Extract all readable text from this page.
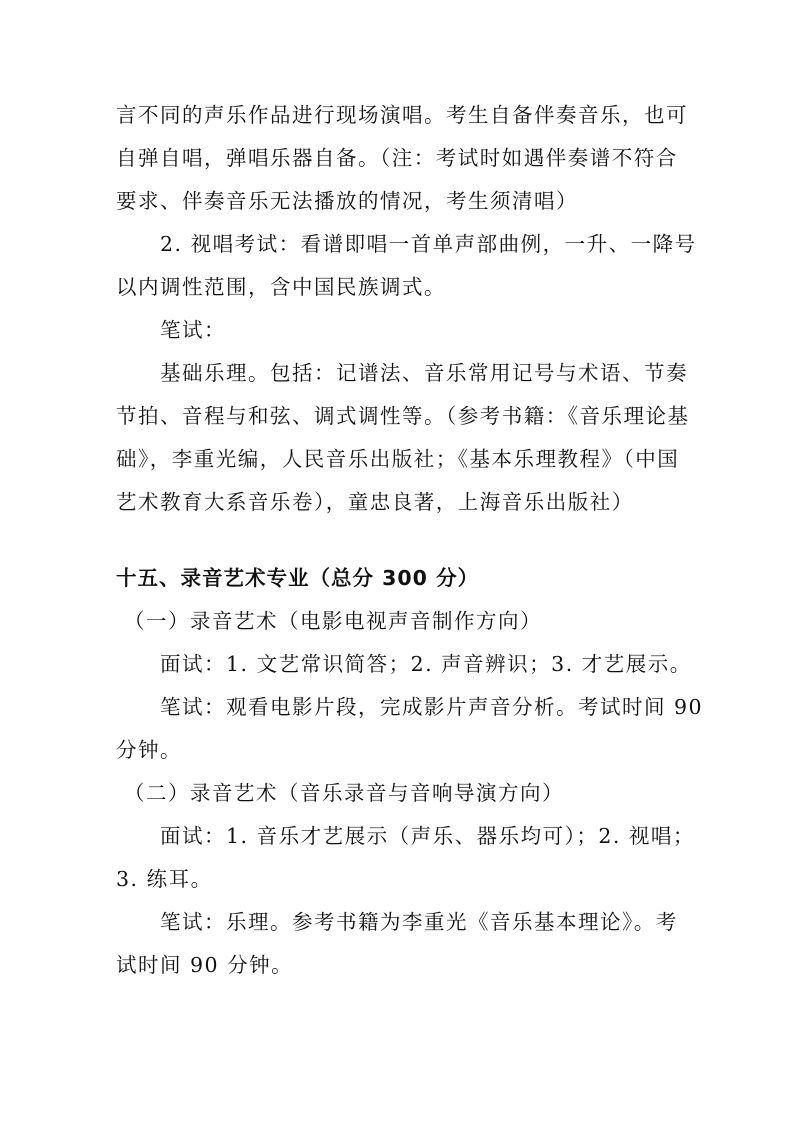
言不同的声乐作品进行现场演唱。考生自备伴奏音乐，也可
自弹自唱，弹唱乐器自备。（注：考试时如遇伴奏谱不符合
要求、伴奏音乐无法播放的情况，考生须清唱）
2. 视唱考试：看谱即唱一首单声部曲例，一升、一降号
以内调性范围，含中国民族调式。
笔试：
基础乐理。包括：记谱法、音乐常用记号与术语、节奏
节拍、音程与和弦、调式调性等。（参考书籍：《音乐理论基
础》，李重光编，人民音乐出版社；《基本乐理教程》（中国
艺术教育大系音乐卷），童忠良著，上海音乐出版社）
十五、录音艺术专业（总分 300 分）
（一）录音艺术（电影电视声音制作方向）
面试：1. 文艺常识简答；2. 声音辨识；3. 才艺展示。
笔试：观看电影片段，完成影片声音分析。考试时间 90
分钟。
（二）录音艺术（音乐录音与音响导演方向）
面试：1. 音乐才艺展示（声乐、器乐均可）；2. 视唱；
3. 练耳。
笔试：乐理。参考书籍为李重光《音乐基本理论》。考
试时间 90 分钟。
